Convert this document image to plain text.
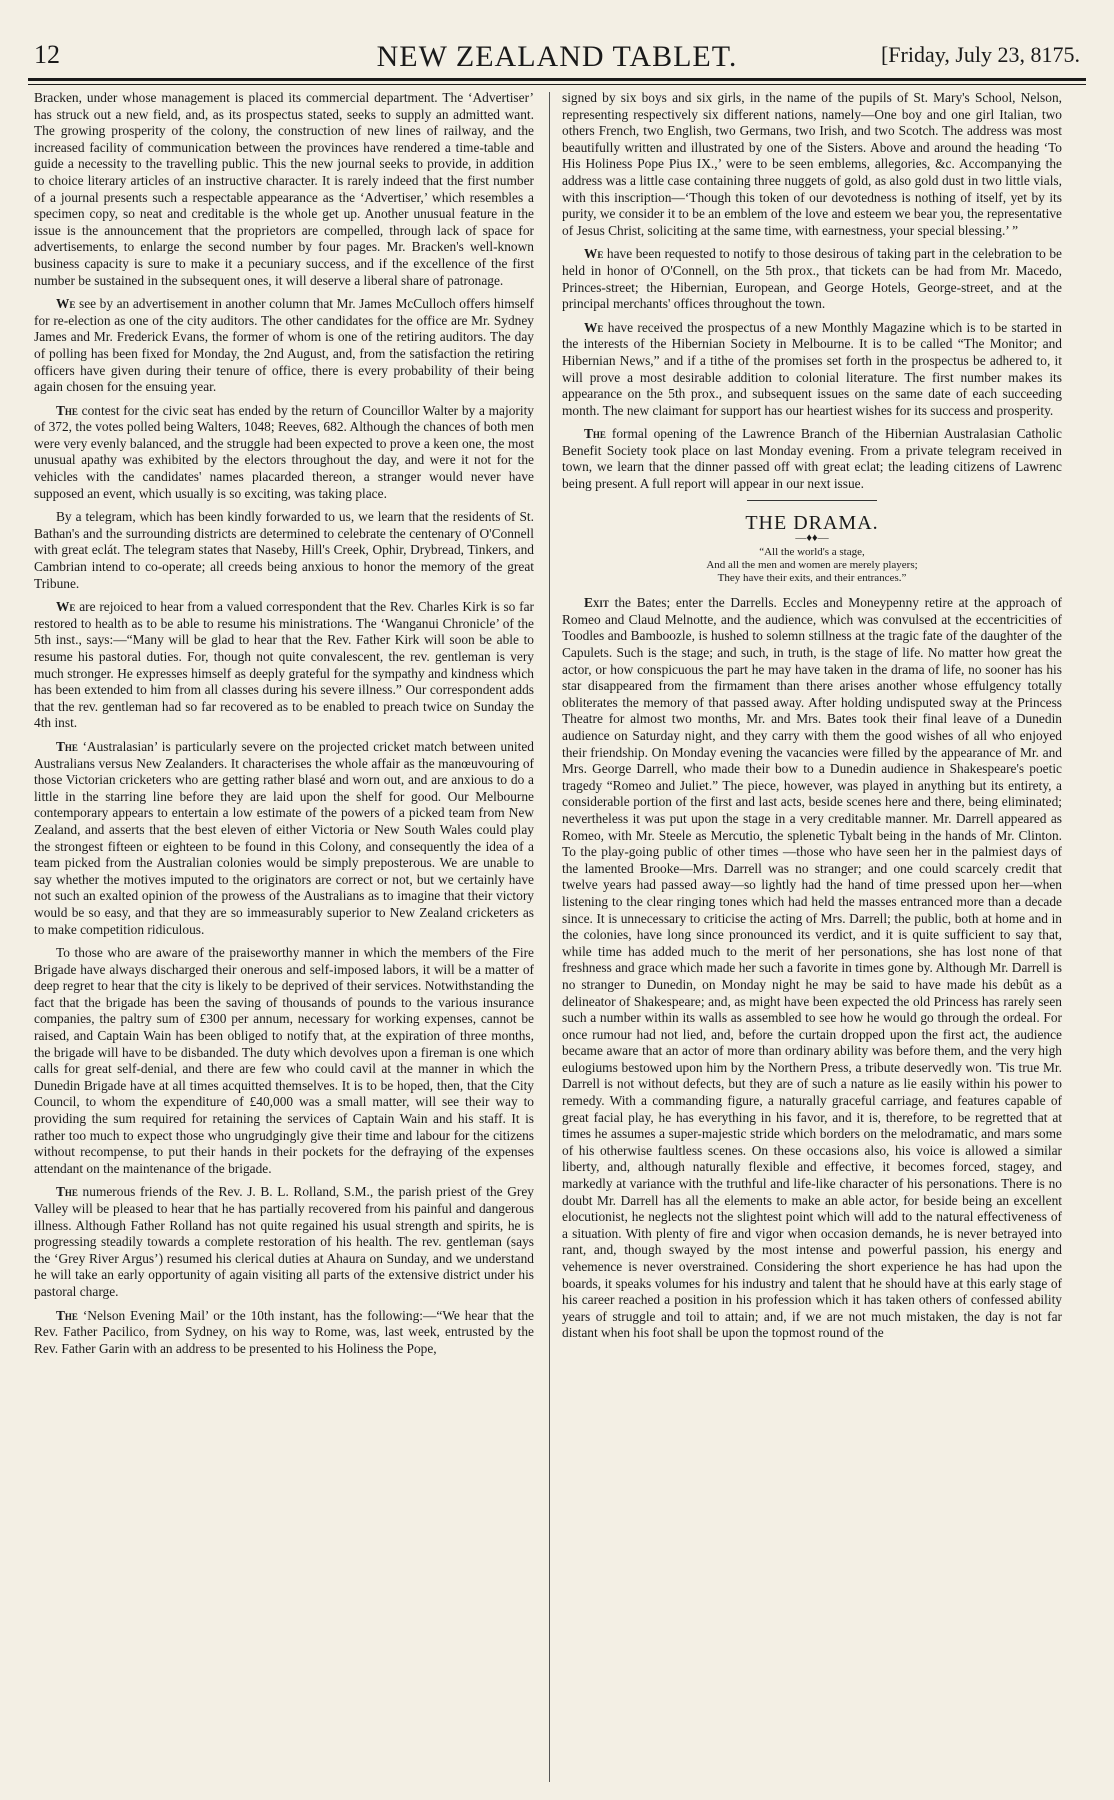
12	NEW ZEALAND TABLET.	[Friday, July 23, 8175.

Bracken, under whose management is placed its commercial department. The ‘Advertiser’ has struck out a new field, and, as its prospectus stated, seeks to supply an admitted want. The growing prosperity of the colony, the construction of new lines of railway, and the increased facility of communication between the provinces have rendered a time-table and guide a necessity to the travelling public. This the new journal seeks to provide, in addition to choice literary articles of an instructive character. It is rarely indeed that the first number of a journal presents such a respectable appearance as the ‘Advertiser,’ which resembles a specimen copy, so neat and creditable is the whole get up. Another unusual feature in the issue is the announcement that the proprietors are compelled, through lack of space for advertisements, to enlarge the second number by four pages. Mr. Bracken's well-known business capacity is sure to make it a pecuniary success, and if the excellence of the first number be sustained in the subsequent ones, it will deserve a liberal share of patronage.

We see by an advertisement in another column that Mr. James McCulloch offers himself for re-election as one of the city auditors. The other candidates for the office are Mr. Sydney James and Mr. Frederick Evans, the former of whom is one of the retiring auditors. The day of polling has been fixed for Monday, the 2nd August, and, from the satisfaction the retiring officers have given during their tenure of office, there is every probability of their being again chosen for the ensuing year.

The contest for the civic seat has ended by the return of Councillor Walter by a majority of 372, the votes polled being Walters, 1048; Reeves, 682. Although the chances of both men were very evenly balanced, and the struggle had been expected to prove a keen one, the most unusual apathy was exhibited by the electors throughout the day, and were it not for the vehicles with the candidates' names placarded thereon, a stranger would never have supposed an event, which usually is so exciting, was taking place.

By a telegram, which has been kindly forwarded to us, we learn that the residents of St. Bathan's and the surrounding districts are determined to celebrate the centenary of O'Connell with great eclát. The telegram states that Naseby, Hill's Creek, Ophir, Drybread, Tinkers, and Cambrian intend to co-operate; all creeds being anxious to honor the memory of the great Tribune.

We are rejoiced to hear from a valued correspondent that the Rev. Charles Kirk is so far restored to health as to be able to resume his ministrations. The ‘Wanganui Chronicle’ of the 5th inst., says:—“Many will be glad to hear that the Rev. Father Kirk will soon be able to resume his pastoral duties. For, though not quite convalescent, the rev. gentleman is very much stronger. He expresses himself as deeply grateful for the sympathy and kindness which has been extended to him from all classes during his severe illness.” Our correspondent adds that the rev. gentleman had so far recovered as to be enabled to preach twice on Sunday the 4th inst.

The ‘Australasian’ is particularly severe on the projected cricket match between united Australians versus New Zealanders. It characterises the whole affair as the manœuvouring of those Victorian cricketers who are getting rather blasé and worn out, and are anxious to do a little in the starring line before they are laid upon the shelf for good. Our Melbourne contemporary appears to entertain a low estimate of the powers of a picked team from New Zealand, and asserts that the best eleven of either Victoria or New South Wales could play the strongest fifteen or eighteen to be found in this Colony, and consequently the idea of a team picked from the Australian colonies would be simply preposterous. We are unable to say whether the motives imputed to the originators are correct or not, but we certainly have not such an exalted opinion of the prowess of the Australians as to imagine that their victory would be so easy, and that they are so immeasurably superior to New Zealand cricketers as to make competition ridiculous.

To those who are aware of the praiseworthy manner in which the members of the Fire Brigade have always discharged their onerous and self-imposed labors, it will be a matter of deep regret to hear that the city is likely to be deprived of their services. Notwithstanding the fact that the brigade has been the saving of thousands of pounds to the various insurance companies, the paltry sum of £300 per annum, necessary for working expenses, cannot be raised, and Captain Wain has been obliged to notify that, at the expiration of three months, the brigade will have to be disbanded. The duty which devolves upon a fireman is one which calls for great self-denial, and there are few who could cavil at the manner in which the Dunedin Brigade have at all times acquitted themselves. It is to be hoped, then, that the City Council, to whom the expenditure of £40,000 was a small matter, will see their way to providing the sum required for retaining the services of Captain Wain and his staff. It is rather too much to expect those who ungrudgingly give their time and labour for the citizens without recompense, to put their hands in their pockets for the defraying of the expenses attendant on the maintenance of the brigade.

The numerous friends of the Rev. J. B. L. Rolland, S.M., the parish priest of the Grey Valley will be pleased to hear that he has partially recovered from his painful and dangerous illness. Although Father Rolland has not quite regained his usual strength and spirits, he is progressing steadily towards a complete restoration of his health. The rev. gentleman (says the ‘Grey River Argus’) resumed his clerical duties at Ahaura on Sunday, and we understand he will take an early opportunity of again visiting all parts of the extensive district under his pastoral charge.

The ‘Nelson Evening Mail’ or the 10th instant, has the following:—“We hear that the Rev. Father Pacilico, from Sydney, on his way to Rome, was, last week, entrusted by the Rev. Father Garin with an address to be presented to his Holiness the Pope,

signed by six boys and six girls, in the name of the pupils of St. Mary's School, Nelson, representing respectively six different nations, namely—One boy and one girl Italian, two others French, two English, two Germans, two Irish, and two Scotch. The address was most beautifully written and illustrated by one of the Sisters. Above and around the heading ‘To His Holiness Pope Pius IX.,’ were to be seen emblems, allegories, &c. Accompanying the address was a little case containing three nuggets of gold, as also gold dust in two little vials, with this inscription—‘Though this token of our devotedness is nothing of itself, yet by its purity, we consider it to be an emblem of the love and esteem we bear you, the representative of Jesus Christ, soliciting at the same time, with earnestness, your special blessing.’ ”

We have been requested to notify to those desirous of taking part in the celebration to be held in honor of O'Connell, on the 5th prox., that tickets can be had from Mr. Macedo, Princes-street; the Hibernian, European, and George Hotels, George-street, and at the principal merchants' offices throughout the town.

We have received the prospectus of a new Monthly Magazine which is to be started in the interests of the Hibernian Society in Melbourne. It is to be called “The Monitor; and Hibernian News,” and if a tithe of the promises set forth in the prospectus be adhered to, it will prove a most desirable addition to colonial literature. The first number makes its appearance on the 5th prox., and subsequent issues on the same date of each succeeding month. The new claimant for support has our heartiest wishes for its success and prosperity.

The formal opening of the Lawrence Branch of the Hibernian Australasian Catholic Benefit Society took place on last Monday evening. From a private telegram received in town, we learn that the dinner passed off with great eclat; the leading citizens of Lawrenc being present. A full report will appear in our next issue.

THE DRAMA.
—♦♦—
“All the world's a stage,
And all the men and women are merely players;
They have their exits, and their entrances.”

Exit the Bates; enter the Darrells. Eccles and Moneypenny retire at the approach of Romeo and Claud Melnotte, and the audience, which was convulsed at the eccentricities of Toodles and Bamboozle, is hushed to solemn stillness at the tragic fate of the daughter of the Capulets. Such is the stage; and such, in truth, is the stage of life. No matter how great the actor, or how conspicuous the part he may have taken in the drama of life, no sooner has his star disappeared from the firmament than there arises another whose effulgency totally obliterates the memory of that passed away. After holding undisputed sway at the Princess Theatre for almost two months, Mr. and Mrs. Bates took their final leave of a Dunedin audience on Saturday night, and they carry with them the good wishes of all who enjoyed their friendship. On Monday evening the vacancies were filled by the appearance of Mr. and Mrs. George Darrell, who made their bow to a Dunedin audience in Shakespeare's poetic tragedy “Romeo and Juliet.” The piece, however, was played in anything but its entirety, a considerable portion of the first and last acts, beside scenes here and there, being eliminated; nevertheless it was put upon the stage in a very creditable manner. Mr. Darrell appeared as Romeo, with Mr. Steele as Mercutio, the splenetic Tybalt being in the hands of Mr. Clinton. To the play-going public of other times —those who have seen her in the palmiest days of the lamented Brooke—Mrs. Darrell was no stranger; and one could scarcely credit that twelve years had passed away—so lightly had the hand of time pressed upon her—when listening to the clear ringing tones which had held the masses entranced more than a decade since. It is unnecessary to criticise the acting of Mrs. Darrell; the public, both at home and in the colonies, have long since pronounced its verdict, and it is quite sufficient to say that, while time has added much to the merit of her personations, she has lost none of that freshness and grace which made her such a favorite in times gone by. Although Mr. Darrell is no stranger to Dunedin, on Monday night he may be said to have made his debût as a delineator of Shakespeare; and, as might have been expected the old Princess has rarely seen such a number within its walls as assembled to see how he would go through the ordeal. For once rumour had not lied, and, before the curtain dropped upon the first act, the audience became aware that an actor of more than ordinary ability was before them, and the very high eulogiums bestowed upon him by the Northern Press, a tribute deservedly won. 'Tis true Mr. Darrell is not without defects, but they are of such a nature as lie easily within his power to remedy. With a commanding figure, a naturally graceful carriage, and features capable of great facial play, he has everything in his favor, and it is, therefore, to be regretted that at times he assumes a super-majestic stride which borders on the melodramatic, and mars some of his otherwise faultless scenes. On these occasions also, his voice is allowed a similar liberty, and, although naturally flexible and effective, it becomes forced, stagey, and markedly at variance with the truthful and life-like character of his personations. There is no doubt Mr. Darrell has all the elements to make an able actor, for beside being an excellent elocutionist, he neglects not the slightest point which will add to the natural effectiveness of a situation. With plenty of fire and vigor when occasion demands, he is never betrayed into rant, and, though swayed by the most intense and powerful passion, his energy and vehemence is never overstrained. Considering the short experience he has had upon the boards, it speaks volumes for his industry and talent that he should have at this early stage of his career reached a position in his profession which it has taken others of confessed ability years of struggle and toil to attain; and, if we are not much mistaken, the day is not far distant when his foot shall be upon the topmost round of the
